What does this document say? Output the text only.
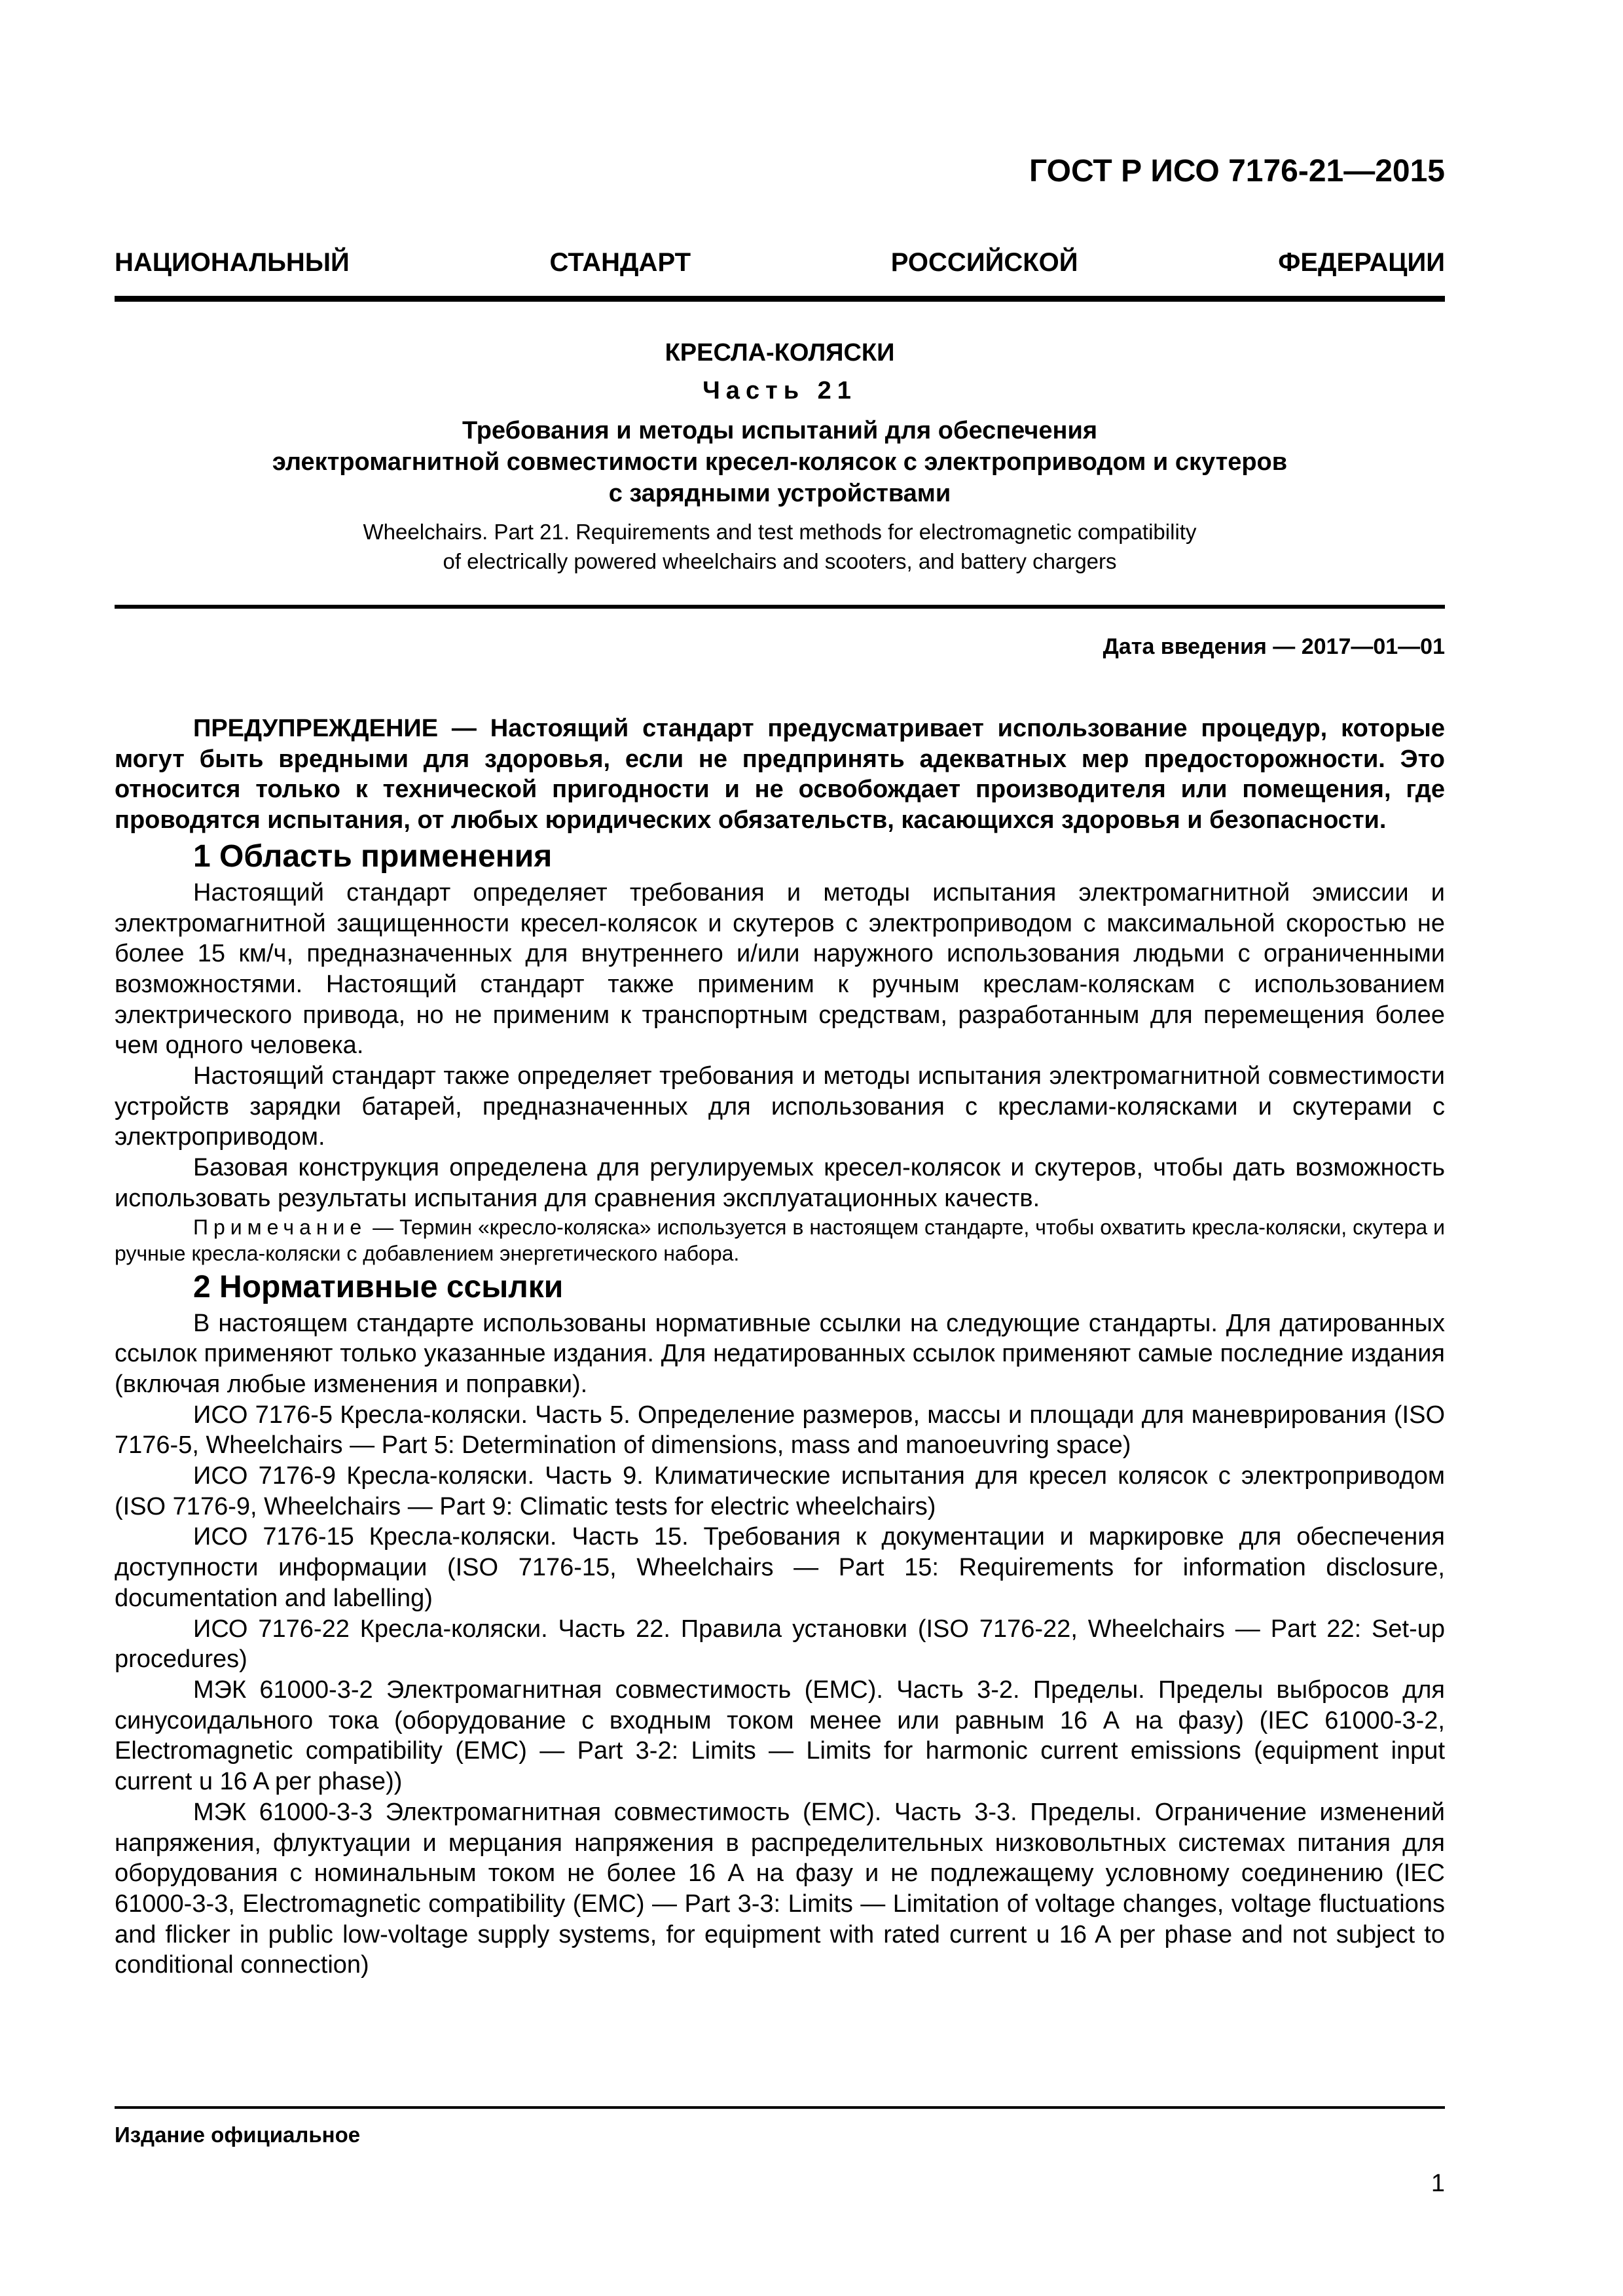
ГОСТ Р ИСО 7176-21—2015
НАЦИОНАЛЬНЫЙ СТАНДАРТ РОССИЙСКОЙ ФЕДЕРАЦИИ
КРЕСЛА-КОЛЯСКИ
Часть 21
Требования и методы испытаний для обеспечения
электромагнитной совместимости кресел-колясок с электроприводом и скутеров
с зарядными устройствами
Wheelchairs. Part 21. Requirements and test methods for electromagnetic compatibility
of electrically powered wheelchairs and scooters, and battery chargers
Дата введения — 2017—01—01

ПРЕДУПРЕЖДЕНИЕ — Настоящий стандарт предусматривает использование процедур, которые могут быть вредными для здоровья, если не предпринять адекватных мер предосторожности. Это относится только к технической пригодности и не освобождает производителя или помещения, где проводятся испытания, от любых юридических обязательств, касающихся здоровья и безопасности.

1 Область применения

Настоящий стандарт определяет требования и методы испытания электромагнитной эмиссии и электромагнитной защищенности кресел-колясок и скутеров с электроприводом с максимальной скоростью не более 15 км/ч, предназначенных для внутреннего и/или наружного использования людьми с ограниченными возможностями. Настоящий стандарт также применим к ручным креслам-коляскам с использованием электрического привода, но не применим к транспортным средствам, разработанным для перемещения более чем одного человека.

Настоящий стандарт также определяет требования и методы испытания электромагнитной совместимости устройств зарядки батарей, предназначенных для использования с креслами-колясками и скутерами с электроприводом.

Базовая конструкция определена для регулируемых кресел-колясок и скутеров, чтобы дать возможность использовать результаты испытания для сравнения эксплуатационных качеств.

Примечание — Термин «кресло-коляска» используется в настоящем стандарте, чтобы охватить кресла-коляски, скутера и ручные кресла-коляски с добавлением энергетического набора.

2 Нормативные ссылки

В настоящем стандарте использованы нормативные ссылки на следующие стандарты. Для датированных ссылок применяют только указанные издания. Для недатированных ссылок применяют самые последние издания (включая любые изменения и поправки).

ИСО 7176-5 Кресла-коляски. Часть 5. Определение размеров, массы и площади для маневрирования (ISO 7176-5, Wheelchairs — Part 5: Determination of dimensions, mass and manoeuvring space)

ИСО 7176-9 Кресла-коляски. Часть 9. Климатические испытания для кресел колясок с электроприводом (ISO 7176-9, Wheelchairs — Part 9: Climatic tests for electric wheelchairs)

ИСО 7176-15 Кресла-коляски. Часть 15. Требования к документации и маркировке для обеспечения доступности информации (ISO 7176-15, Wheelchairs — Part 15: Requirements for information disclosure, documentation and labelling)

ИСО 7176-22 Кресла-коляски. Часть 22. Правила установки (ISO 7176-22, Wheelchairs — Part 22: Set-up procedures)

МЭК 61000-3-2 Электромагнитная совместимость (ЕМС). Часть 3-2. Пределы. Пределы выбросов для синусоидального тока (оборудование с входным током менее или равным 16 А на фазу) (IEC 61000-3-2, Electromagnetic compatibility (EMC) — Part 3-2: Limits — Limits for harmonic current emissions (equipment input current u 16 A per phase))

МЭК 61000-3-3 Электромагнитная совместимость (ЕМС). Часть 3-3. Пределы. Ограничение изменений напряжения, флуктуации и мерцания напряжения в распределительных низковольтных системах питания для оборудования с номинальным током не более 16 А на фазу и не подлежащему условному соединению (IEC 61000-3-3, Electromagnetic compatibility (EMC) — Part 3-3: Limits — Limitation of voltage changes, voltage fluctuations and flicker in public low-voltage supply systems, for equipment with rated current u 16 A per phase and not subject to conditional connection)

Издание официальное
1
